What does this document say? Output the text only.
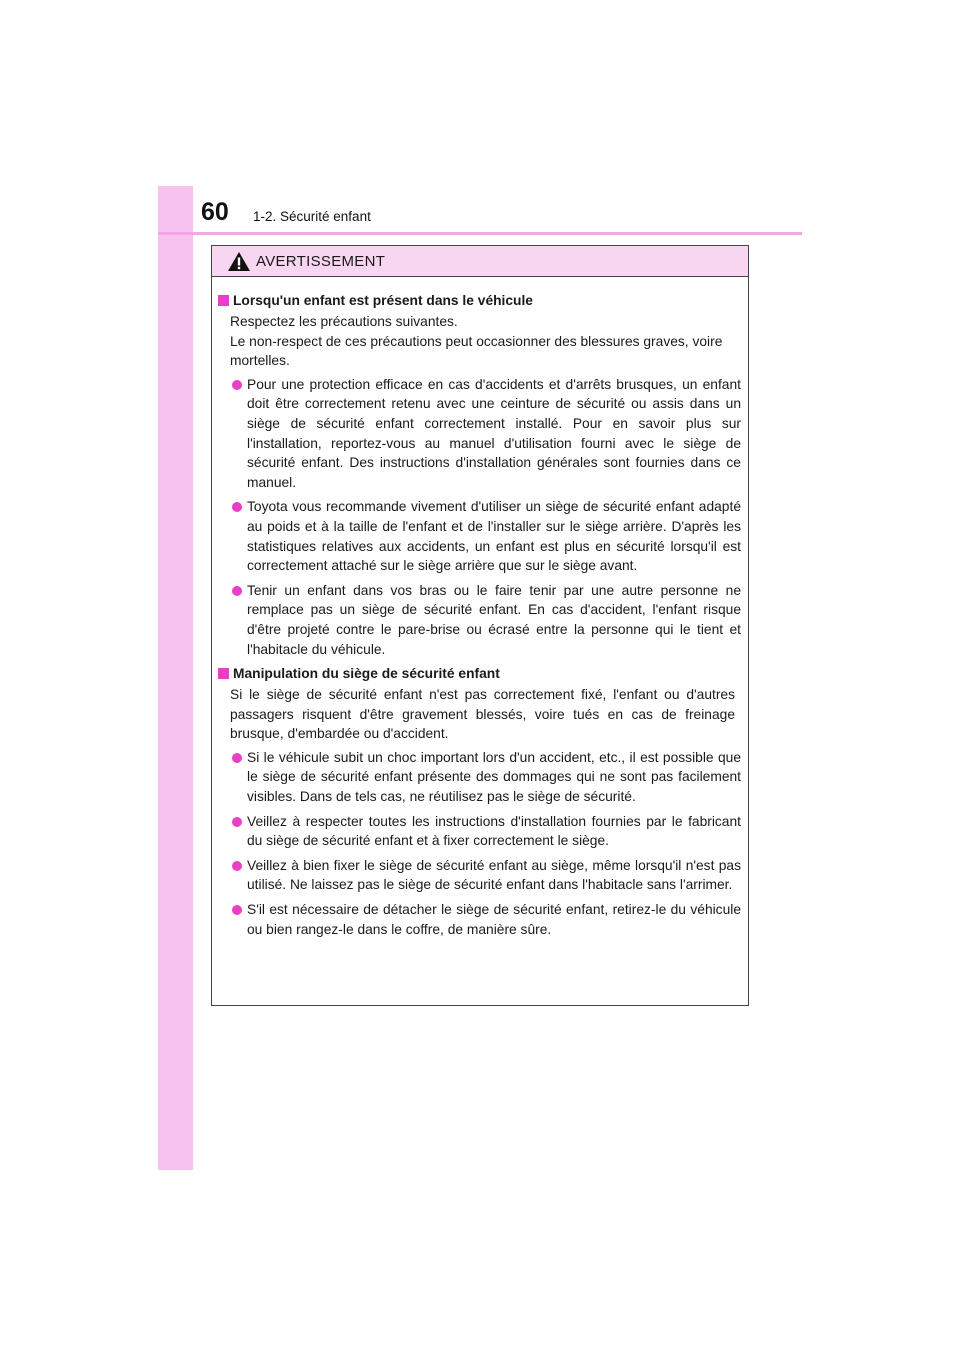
60 1-2. Sécurité enfant
AVERTISSEMENT
Lorsqu'un enfant est présent dans le véhicule
Respectez les précautions suivantes.
Le non-respect de ces précautions peut occasionner des blessures graves, voire mortelles.
Pour une protection efficace en cas d'accidents et d'arrêts brusques, un enfant doit être correctement retenu avec une ceinture de sécurité ou assis dans un siège de sécurité enfant correctement installé. Pour en savoir plus sur l'installation, reportez-vous au manuel d'utilisation fourni avec le siège de sécurité enfant. Des instructions d'installation générales sont fournies dans ce manuel.
Toyota vous recommande vivement d'utiliser un siège de sécurité enfant adapté au poids et à la taille de l'enfant et de l'installer sur le siège arrière. D'après les statistiques relatives aux accidents, un enfant est plus en sécurité lorsqu'il est correctement attaché sur le siège arrière que sur le siège avant.
Tenir un enfant dans vos bras ou le faire tenir par une autre personne ne remplace pas un siège de sécurité enfant. En cas d'accident, l'enfant risque d'être projeté contre le pare-brise ou écrasé entre la personne qui le tient et l'habitacle du véhicule.
Manipulation du siège de sécurité enfant
Si le siège de sécurité enfant n'est pas correctement fixé, l'enfant ou d'autres passagers risquent d'être gravement blessés, voire tués en cas de freinage brusque, d'embardée ou d'accident.
Si le véhicule subit un choc important lors d'un accident, etc., il est possible que le siège de sécurité enfant présente des dommages qui ne sont pas facilement visibles. Dans de tels cas, ne réutilisez pas le siège de sécurité.
Veillez à respecter toutes les instructions d'installation fournies par le fabricant du siège de sécurité enfant et à fixer correctement le siège.
Veillez à bien fixer le siège de sécurité enfant au siège, même lorsqu'il n'est pas utilisé. Ne laissez pas le siège de sécurité enfant dans l'habitacle sans l'arrimer.
S'il est nécessaire de détacher le siège de sécurité enfant, retirez-le du véhicule ou bien rangez-le dans le coffre, de manière sûre.
